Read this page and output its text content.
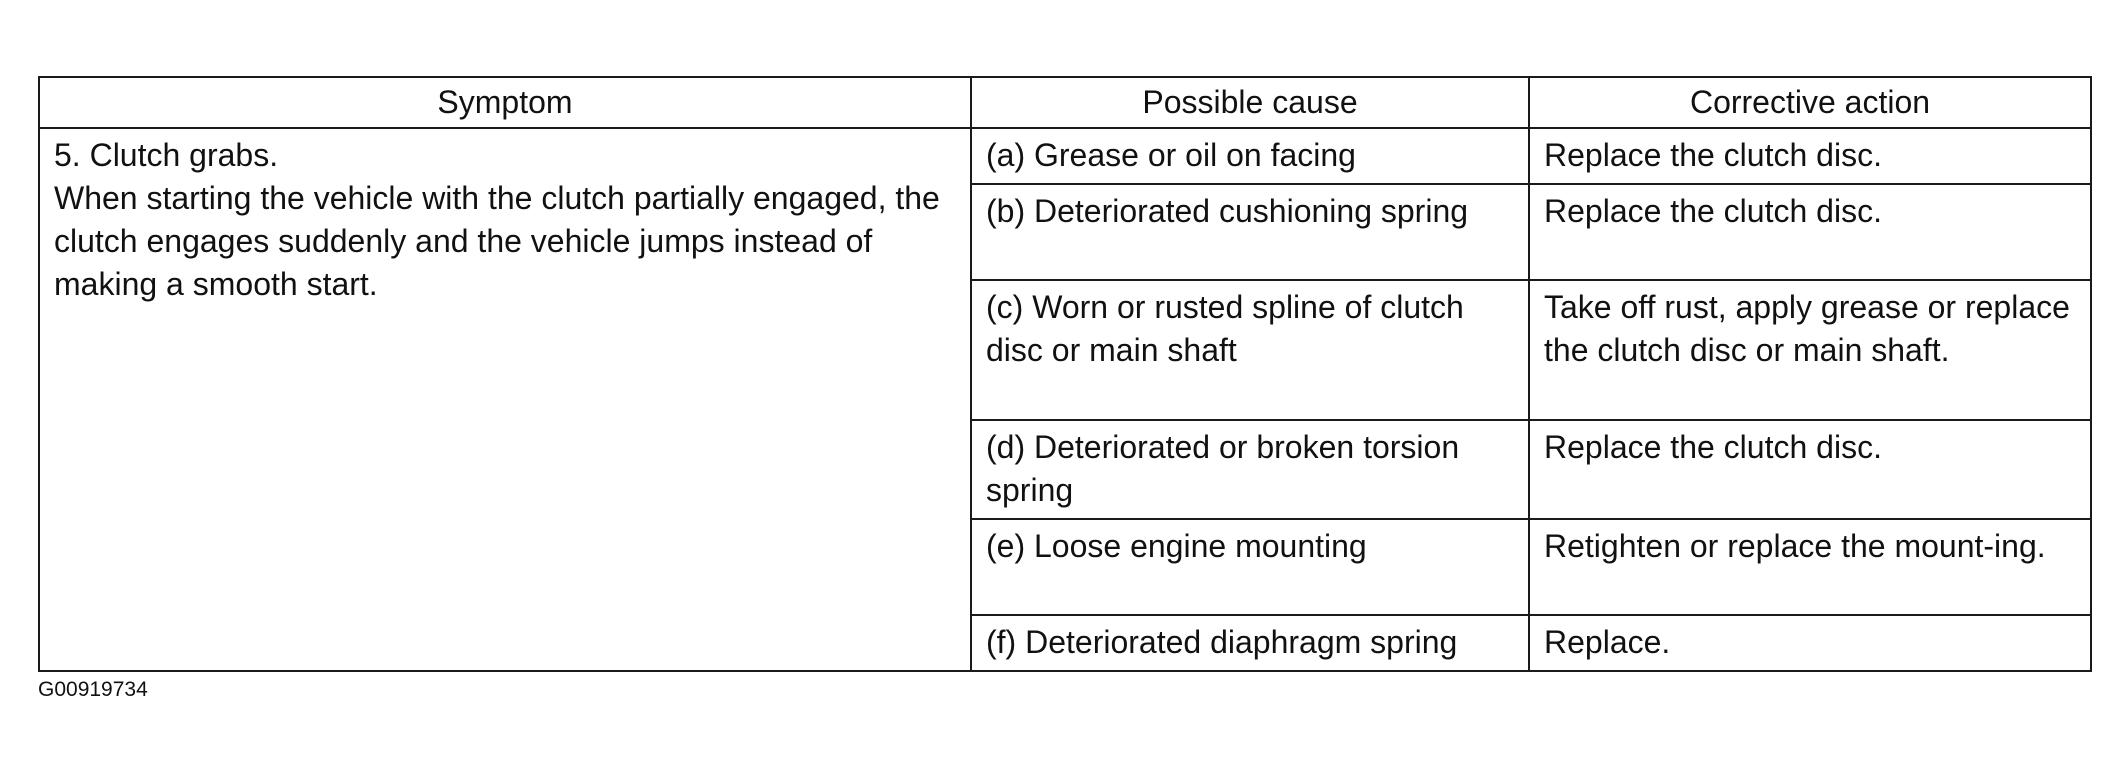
Symptom	Possible cause	Corrective action

5. Clutch grabs.
When starting the vehicle with the clutch partially engaged, the clutch engages suddenly and the vehicle jumps instead of making a smooth start.	(a) Grease or oil on facing	Replace the clutch disc.
	(b) Deteriorated cushioning spring	Replace the clutch disc.
	(c) Worn or rusted spline of clutch disc or main shaft	Take off rust, apply grease or replace the clutch disc or main shaft.
	(d) Deteriorated or broken torsion spring	Replace the clutch disc.
	(e) Loose engine mounting	Retighten or replace the mount-ing.
	(f) Deteriorated diaphragm spring	Replace.
G00919734
